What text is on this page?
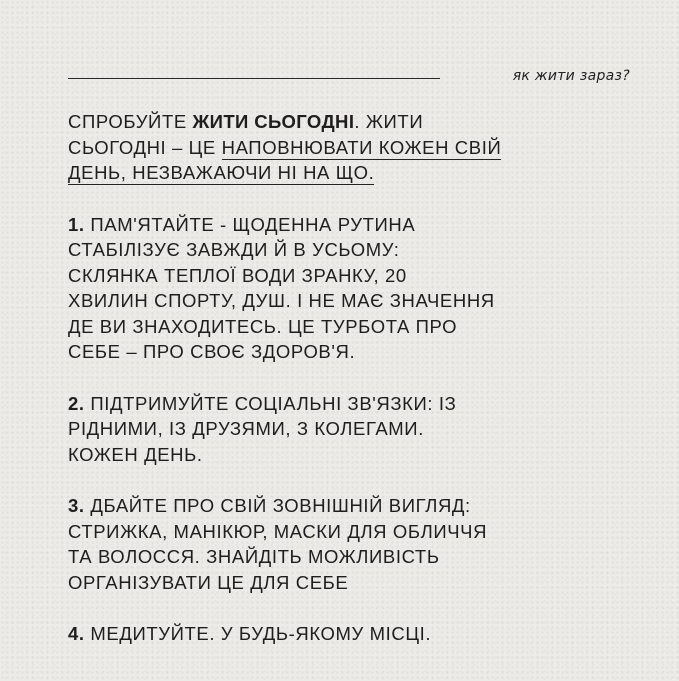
як жити зараз?

СПРОБУЙТЕ ЖИТИ СЬОГОДНІ. ЖИТИ
СЬОГОДНІ – ЦЕ НАПОВНЮВАТИ КОЖЕН СВІЙ
ДЕНЬ, НЕЗВАЖАЮЧИ НІ НА ЩО.

1. ПАМ'ЯТАЙТЕ - ЩОДЕННА РУТИНА
СТАБІЛІЗУЄ ЗАВЖДИ Й В УСЬОМУ:
СКЛЯНКА ТЕПЛОЇ ВОДИ ЗРАНКУ, 20
ХВИЛИН СПОРТУ, ДУШ. І НЕ МАЄ ЗНАЧЕННЯ
ДЕ ВИ ЗНАХОДИТЕСЬ. ЦЕ ТУРБОТА ПРО
СЕБЕ – ПРО СВОЄ ЗДОРОВ'Я.

2. ПІДТРИМУЙТЕ СОЦІАЛЬНІ ЗВ'ЯЗКИ: ІЗ
РІДНИМИ, ІЗ ДРУЗЯМИ, З КОЛЕГАМИ.
КОЖЕН ДЕНЬ.

3. ДБАЙТЕ ПРО СВІЙ ЗОВНІШНІЙ ВИГЛЯД:
СТРИЖКА, МАНІКЮР, МАСКИ ДЛЯ ОБЛИЧЧЯ
ТА ВОЛОССЯ. ЗНАЙДІТЬ МОЖЛИВІСТЬ
ОРГАНІЗУВАТИ ЦЕ ДЛЯ СЕБЕ

4. МЕДИТУЙТЕ. У БУДЬ-ЯКОМУ МІСЦІ.
